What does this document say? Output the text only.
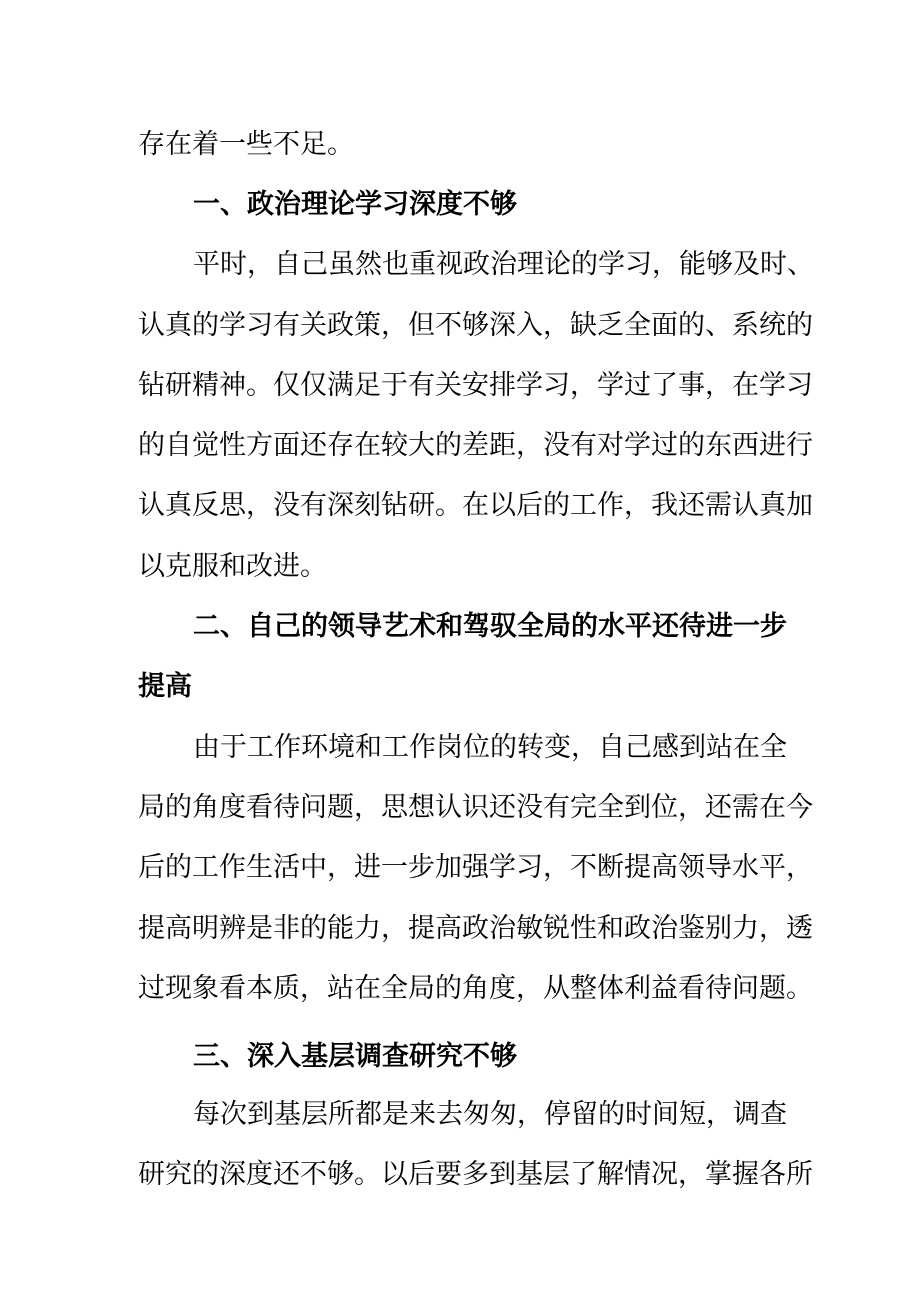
存在着一些不足。
一、政治理论学习深度不够
平时，自己虽然也重视政治理论的学习，能够及时、
认真的学习有关政策，但不够深入，缺乏全面的、系统的
钻研精神。仅仅满足于有关安排学习，学过了事，在学习
的自觉性方面还存在较大的差距，没有对学过的东西进行
认真反思，没有深刻钻研。在以后的工作，我还需认真加
以克服和改进。
二、自己的领导艺术和驾驭全局的水平还待进一步
提高
由于工作环境和工作岗位的转变，自己感到站在全
局的角度看待问题，思想认识还没有完全到位，还需在今
后的工作生活中，进一步加强学习，不断提高领导水平，
提高明辨是非的能力，提高政治敏锐性和政治鉴别力，透
过现象看本质，站在全局的角度，从整体利益看待问题。
三、深入基层调查研究不够
每次到基层所都是来去匆匆，停留的时间短，调查
研究的深度还不够。以后要多到基层了解情况，掌握各所
